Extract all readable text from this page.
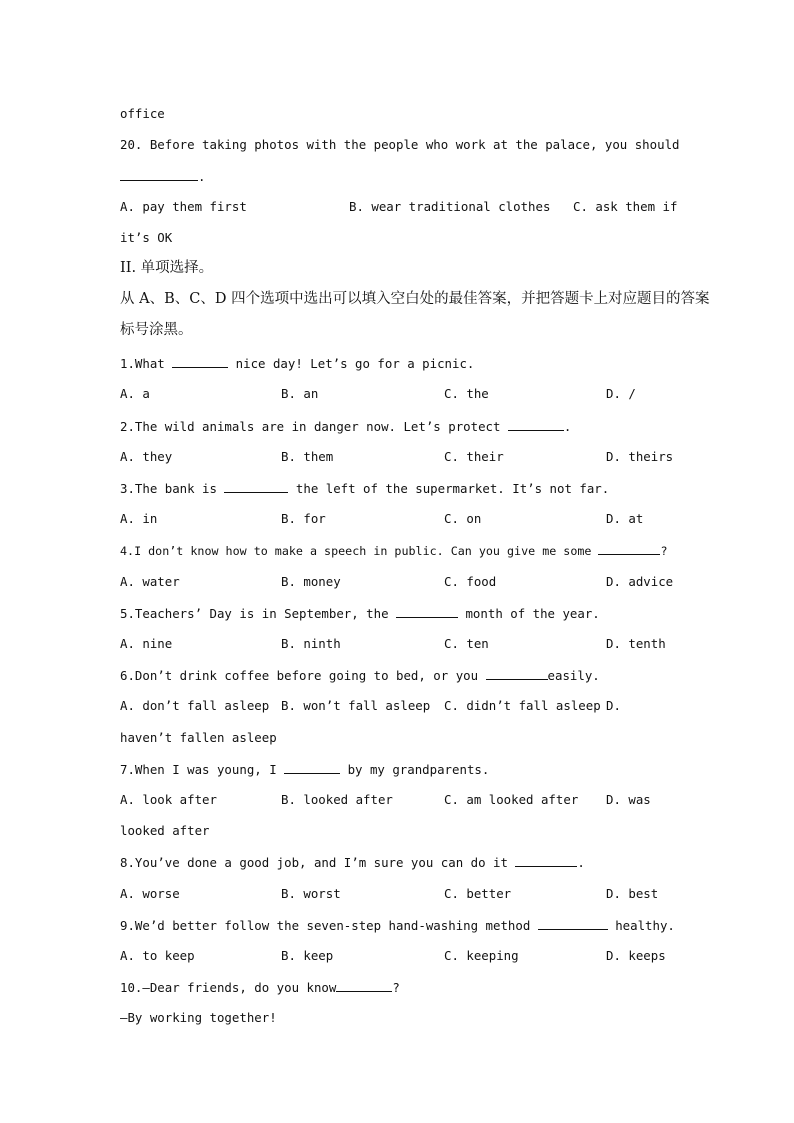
office
20. Before taking photos with the people who work at the palace, you should
.
A. pay them first	B. wear traditional clothes C. ask them if
it’s OK
II. 单项选择。
从 A、B、C、D 四个选项中选出可以填入空白处的最佳答案，并把答题卡上对应题目的答案
标号涂黑。
1.What	nice day! Let’s go for a picnic.
A. a	B. an	C. the	D. /
2.The wild animals are in danger now. Let’s protect	.
A. they	B. them	C. their	D. theirs
3.The bank is	the left of the supermarket. It’s not far.
A. in	B. for	C. on	D. at
4.I don’t know how to make a speech in public. Can you give me some	?
A. water	B. money	C. food	D. advice
5.Teachers’ Day is in September, the	month of the year.
A. nine	B. ninth	C. ten	D. tenth
6.Don’t drink coffee before going to bed, or you	easily.
A. don’t fall asleep B. won’t fall asleep C. didn’t fall asleep D.
haven’t fallen asleep
7.When I was young, I	by my grandparents.
A. look after	B. looked after	C. am looked after D. was
looked after
8.You’ve done a good job, and I’m sure you can do it	.
A. worse	B. worst	C. better	D. best
9.We’d better follow the seven-step hand-washing method	healthy.
A. to keep	B. keep	C. keeping	D. keeps
10.—Dear friends, do you know	?
—By working together!
